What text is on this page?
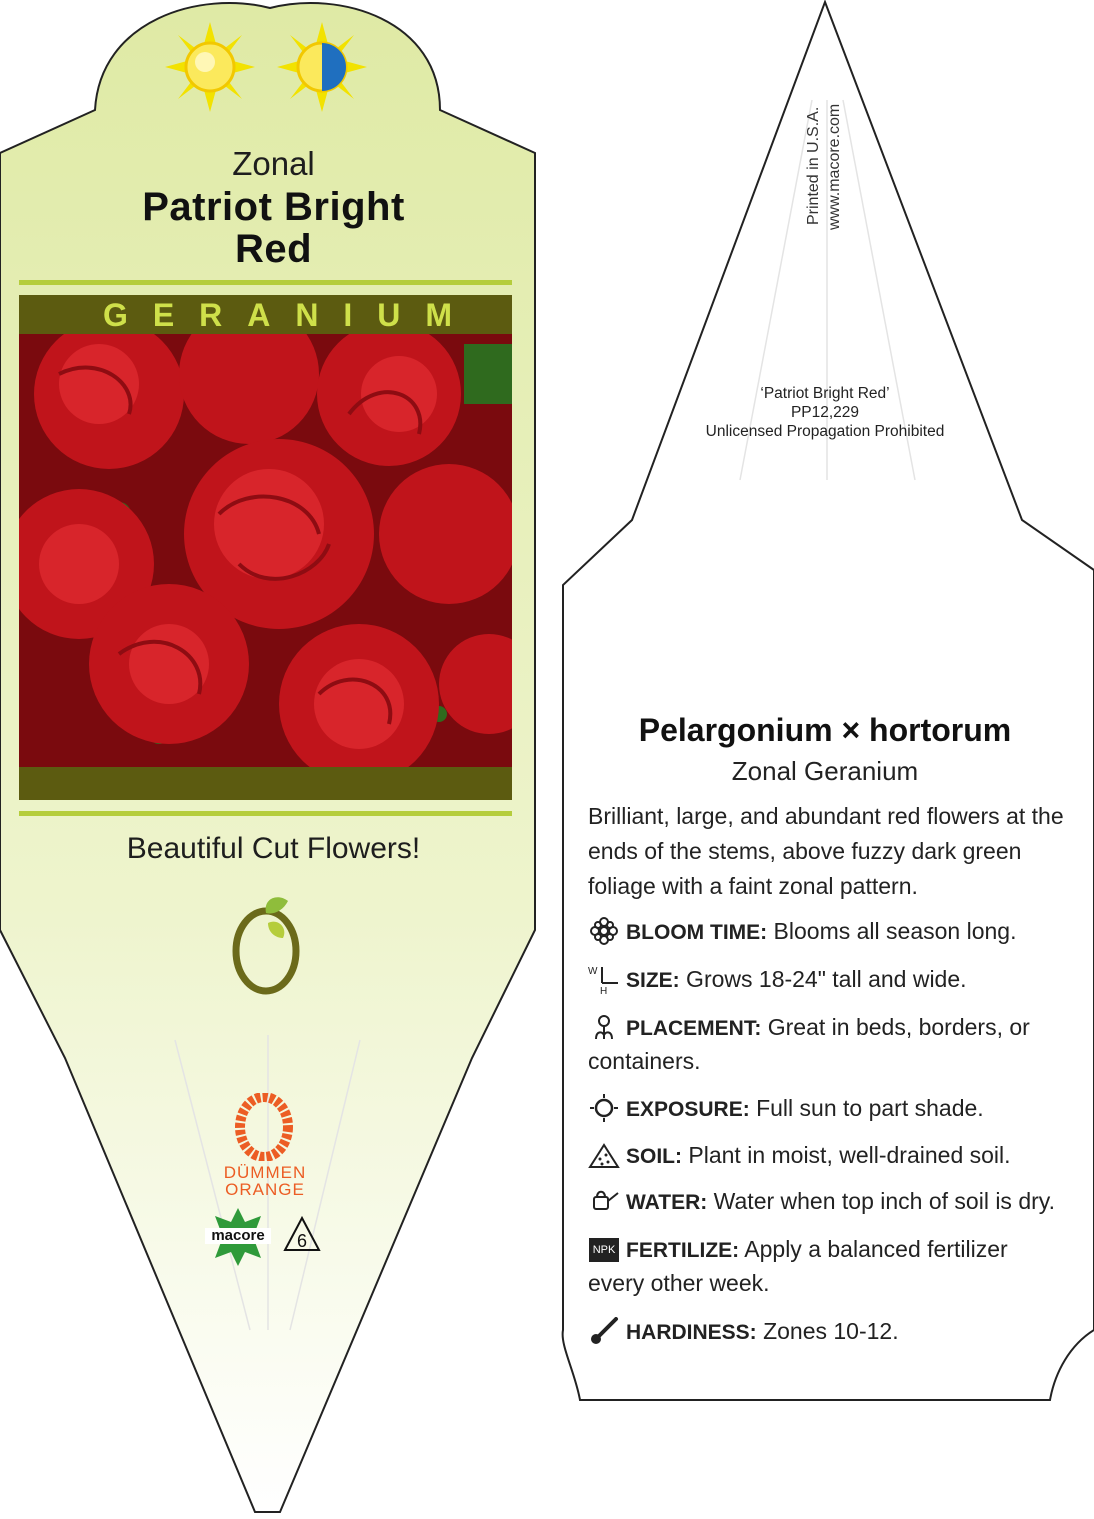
Zonal
Patriot Bright
Red
G E R A N I U M
Beautiful Cut Flowers!
DÜMMEN
ORANGE
macore	6
Printed in U.S.A. www.macore.com
‘Patriot Bright Red’
PP12,229
Unlicensed Propagation Prohibited
Pelargonium × hortorum
Zonal Geranium
Brilliant, large, and abundant red flowers at the ends of the stems, above fuzzy dark green foliage with a faint zonal pattern.
BLOOM TIME: Blooms all season long.
W
H SIZE: Grows 18-24" tall and wide.
PLACEMENT: Great in beds, borders, or containers.
EXPOSURE: Full sun to part shade.
SOIL: Plant in moist, well-drained soil.
WATER: Water when top inch of soil is dry.
NPK FERTILIZE: Apply a balanced fertilizer every other week.
HARDINESS: Zones 10-12.
